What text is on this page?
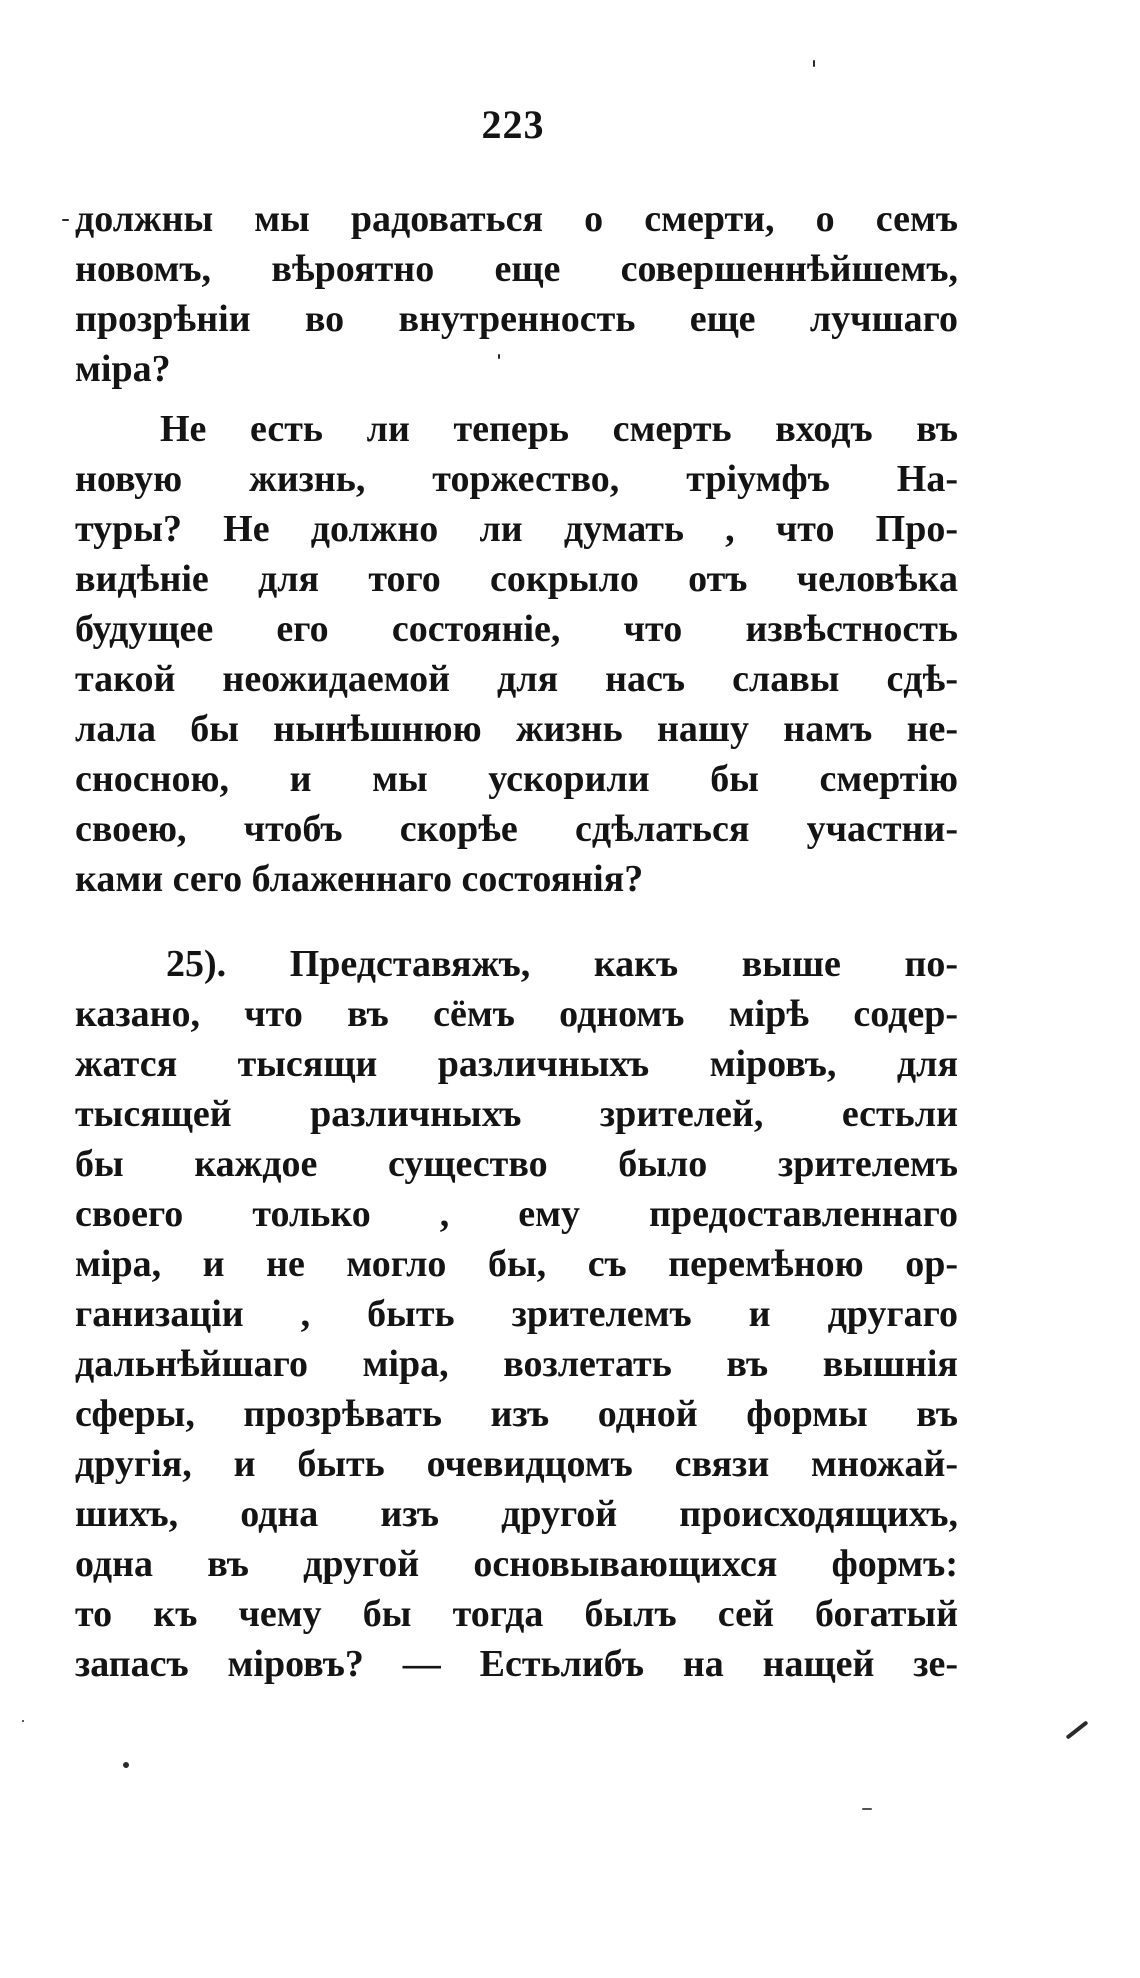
223
должны мы радоваться о смерти, о семъ
новомъ, вѣроятно еще совершеннѣйшемъ,
прозрѣніи во внутренность еще лучшаго
міра?
Не есть ли теперь смерть входъ въ
новую жизнь, торжество, тріумфъ На-
туры? Не должно ли думать , что Про-
видѣніе для того сокрыло отъ человѣка
будущее его состояніе, что извѣстность
такой неожидаемой для насъ славы сдѣ-
лала бы нынѣшнюю жизнь нашу намъ не-
сносною, и мы ускорили бы смертію
своею, чтобъ скорѣе сдѣлаться участни-
ками сего блаженнаго состоянія?
25). Представяжъ, какъ выше по-
казано, что въ сёмъ одномъ мірѣ содер-
жатся тысящи различныхъ міровъ, для
тысящей различныхъ зрителей, естьли
бы каждое существо было зрителемъ
своего только , ему предоставленнаго
міра, и не могло бы, съ перемѣною ор-
ганизаціи , быть зрителемъ и другаго
дальнѣйшаго міра, возлетать въ вышнія
сферы, прозрѣвать изъ одной формы въ
другія, и быть очевидцомъ связи множай-
шихъ, одна изъ другой происходящихъ,
одна въ другой основывающихся формъ:
то къ чему бы тогда былъ сей богатый
запасъ міровъ? — Естьлибъ на нащей зе-
